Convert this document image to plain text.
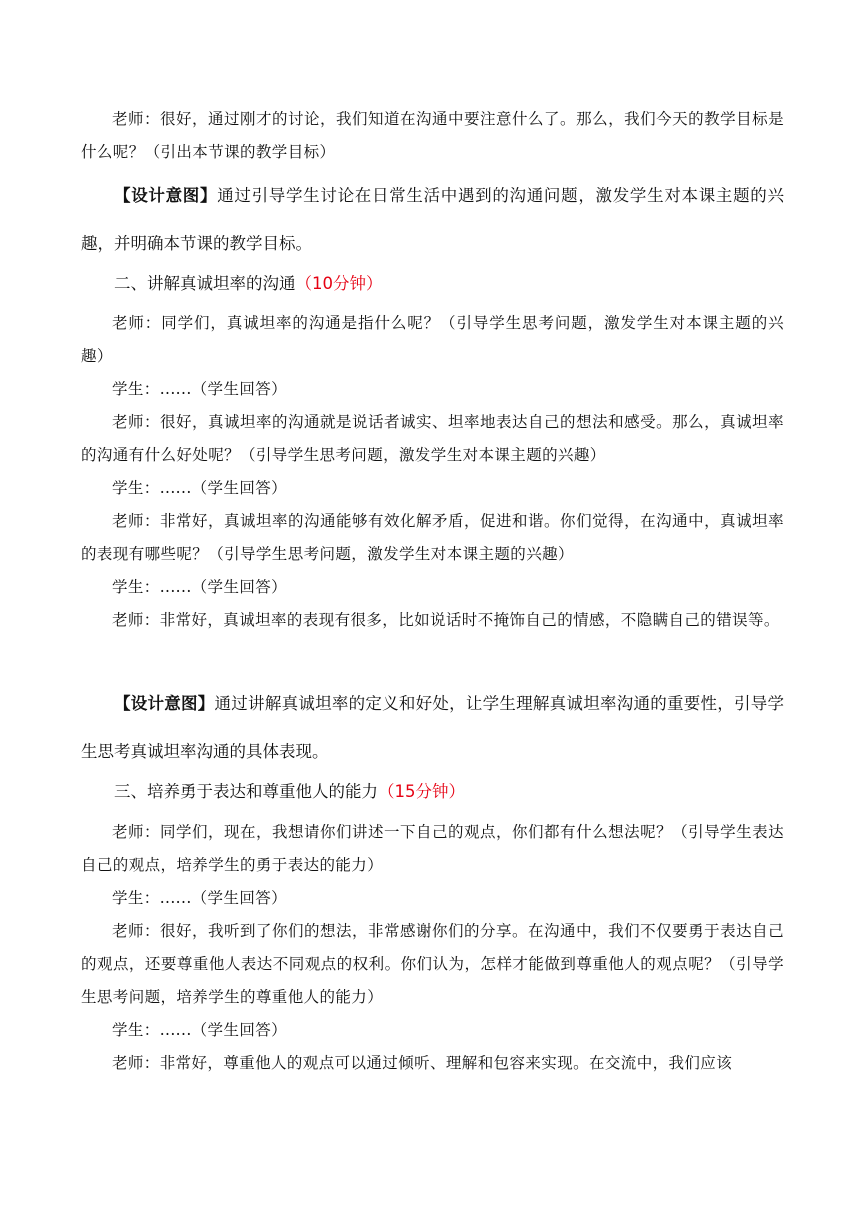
老师：很好，通过刚才的讨论，我们知道在沟通中要注意什么了。那么，我们今天的教学目标是什么呢？（引出本节课的教学目标）

【设计意图】通过引导学生讨论在日常生活中遇到的沟通问题，激发学生对本课主题的兴趣，并明确本节课的教学目标。

二、讲解真诚坦率的沟通（10分钟）

老师：同学们，真诚坦率的沟通是指什么呢？（引导学生思考问题，激发学生对本课主题的兴趣）

学生：......（学生回答）

老师：很好，真诚坦率的沟通就是说话者诚实、坦率地表达自己的想法和感受。那么，真诚坦率的沟通有什么好处呢？（引导学生思考问题，激发学生对本课主题的兴趣）

学生：......（学生回答）

老师：非常好，真诚坦率的沟通能够有效化解矛盾，促进和谐。你们觉得，在沟通中，真诚坦率的表现有哪些呢？（引导学生思考问题，激发学生对本课主题的兴趣）

学生：......（学生回答）

老师：非常好，真诚坦率的表现有很多，比如说话时不掩饰自己的情感，不隐瞒自己的错误等。

【设计意图】通过讲解真诚坦率的定义和好处，让学生理解真诚坦率沟通的重要性，引导学生思考真诚坦率沟通的具体表现。

三、培养勇于表达和尊重他人的能力（15分钟）

老师：同学们，现在，我想请你们讲述一下自己的观点，你们都有什么想法呢？（引导学生表达自己的观点，培养学生的勇于表达的能力）

学生：......（学生回答）

老师：很好，我听到了你们的想法，非常感谢你们的分享。在沟通中，我们不仅要勇于表达自己的观点，还要尊重他人表达不同观点的权利。你们认为，怎样才能做到尊重他人的观点呢？（引导学生思考问题，培养学生的尊重他人的能力）

学生：......（学生回答）

老师：非常好，尊重他人的观点可以通过倾听、理解和包容来实现。在交流中，我们应该
